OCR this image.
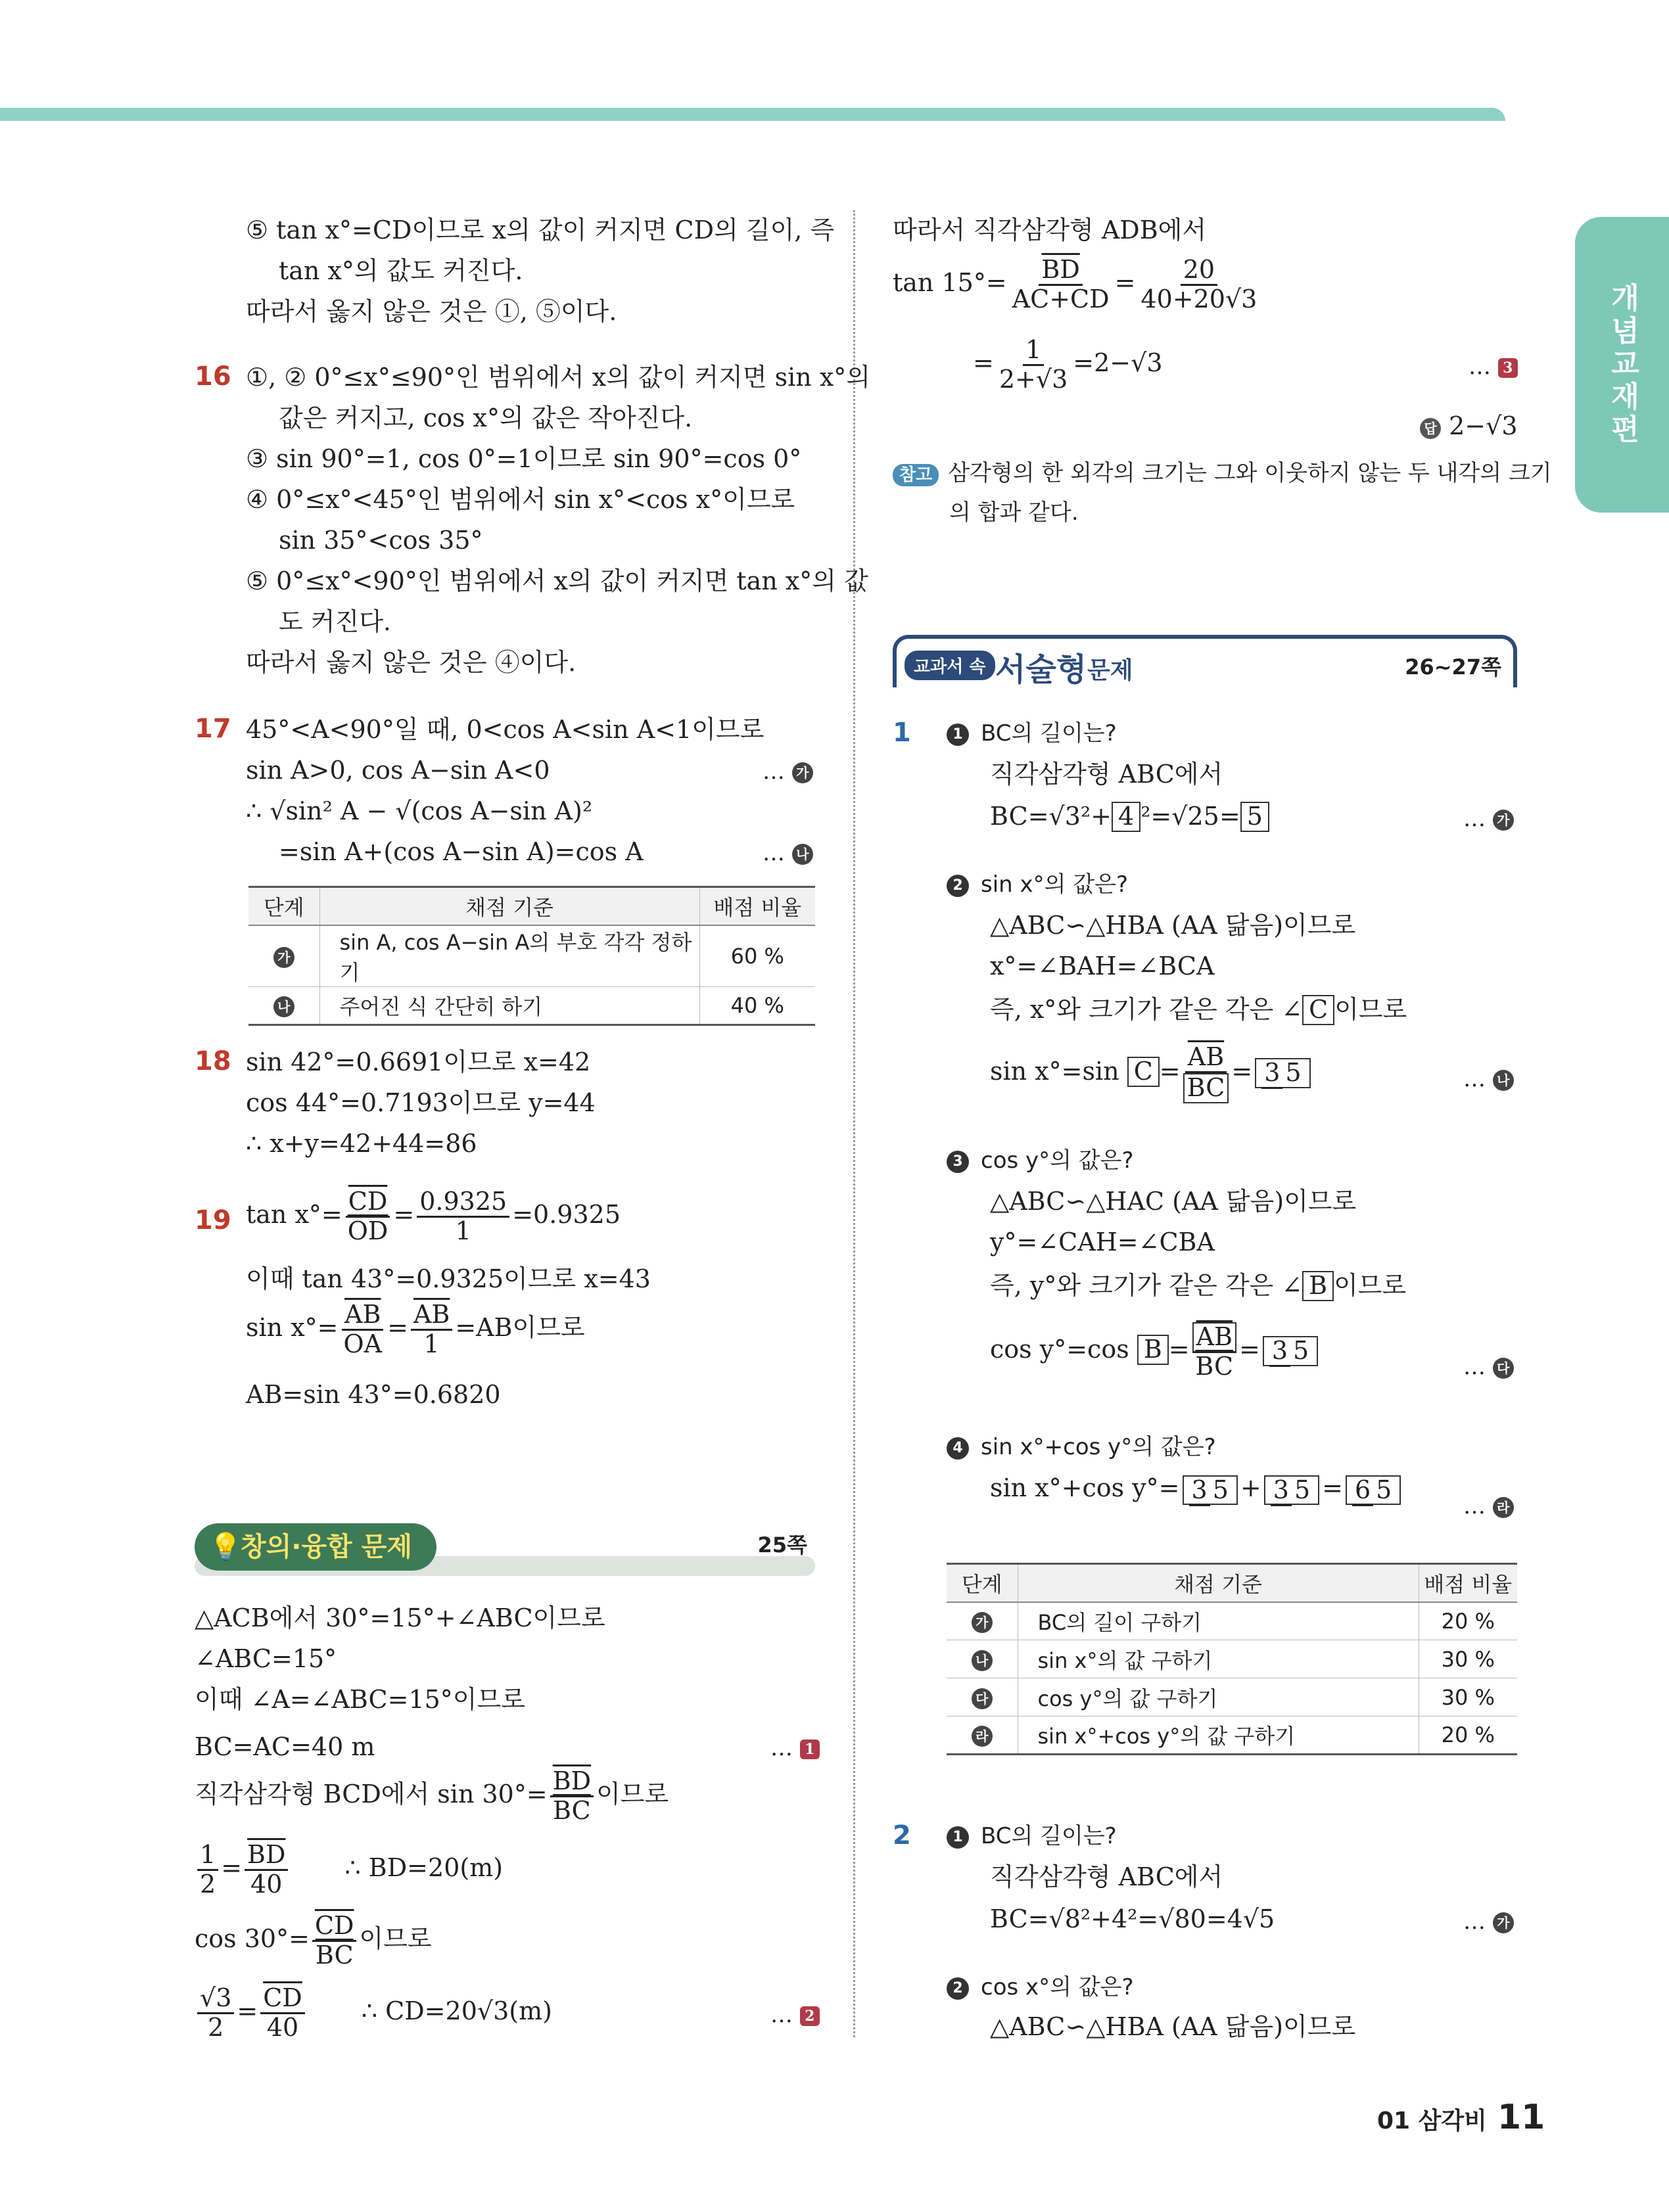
개념교재편
⑤ tan x°=CD이므로 x의 값이 커지면 CD의 길이, 즉
tan x°의 값도 커진다.
따라서 옳지 않은 것은 ①, ⑤이다.
16 ①, ② 0°≤x°≤90°인 범위에서 x의 값이 커지면 sin x°의
값은 커지고, cos x°의 값은 작아진다.
③ sin 90°=1, cos 0°=1이므로 sin 90°=cos 0°
④ 0°≤x°<45°인 범위에서 sin x°<cos x°이므로
sin 35°<cos 35°
⑤ 0°≤x°<90°인 범위에서 x의 값이 커지면 tan x°의 값
도 커진다.
따라서 옳지 않은 것은 ④이다.
17 45°<A<90°일 때, 0<cos A<sin A<1이므로
sin A>0, cos A−sin A<0	… 가
∴ √sin² A − √(cos A−sin A)²
=sin A+(cos A−sin A)=cos A	… 나
단계	채점 기준	배점 비율
가	sin A, cos A−sin A의 부호 각각 정하기	60 %
나	주어진 식 간단히 하기	40 %
18 sin 42°=0.6691이므로 x=42
cos 44°=0.7193이므로 y=44
∴ x+y=42+44=86
19 $\tan x^\circ= \frac{\overline{CD}}{OD} = \frac{0.9325}{1} =0.9325$
이때 tan 43°=0.9325이므로 x=43
$\sin x^\circ= \frac{\overline{AB}}{OA} = \frac{\overline{AB}}{1} =AB$이므로
AB=sin 43°=0.6820
💡
창의·융합 문제	25쪽
△ACB에서 30°=15°+∠ABC이므로
∠ABC=15°
이때 ∠A=∠ABC=15°이므로
BC=AC=40 m	… 1
직각삼각형 BCD에서 $\sin 30^\circ= \frac{\overline{BD}}{BC}$ 이므로
$\frac{1}{2} = \frac{\overline{BD}}{40}$ ∴ BD=20(m)
$\cos 30^\circ= \frac{\overline{CD}}{BC}$ 이므로
$\frac{√3}{2} = \frac{\overline{CD}}{40}$ ∴ CD=20√3(m)	… 2
따라서 직각삼각형 ADB에서
$\tan 15^\circ= \frac{\overline{BD}}{AC+CD} = \frac{20}{40+20√3}$
= $\frac{1}{2+√3} =2-√3$	… 3
답 2−√3
참고 삼각형의 한 외각의 크기는 그와 이웃하지 않는 두 내각의 크기
의 합과 같다.
교과서 속 서술형 문제	26~27쪽
1	1 BC의 길이는?
직각삼각형 ABC에서
BC=√3²+ 4 ²=√25= 5	… 가
2 sin x°의 값은?
△ABC∽△HBA (AA 닮음)이므로
x°=∠BAH=∠BCA
즉, x°와 크기가 같은 각은 ∠ C 이므로
sin x°=sin $C = \frac{\overline{AB}}{BC} = 3$ 5	… 나
3 cos y°의 값은?
△ABC∽△HAC (AA 닮음)이므로
y°=∠CAH=∠CBA
즉, y°와 크기가 같은 각은 ∠ B 이므로
cos y°=cos $B = \frac{\overline{AB}}{BC} = 3$ 5
… 다
4 sin x°+cos y°의 값은?
sin x°+cos y°= 3 5 + 3 5 = 6 5
… 라
단계	채점 기준	배점 비율
가	BC의 길이 구하기	20 %
나	sin x°의 값 구하기	30 %
다	cos y°의 값 구하기	30 %
라	sin x°+cos y°의 값 구하기	20 %
2	1 BC의 길이는?
직각삼각형 ABC에서
BC=√8²+4²=√80=4√5	… 가
2 cos x°의 값은?
△ABC∽△HBA (AA 닮음)이므로
01 삼각비 11
